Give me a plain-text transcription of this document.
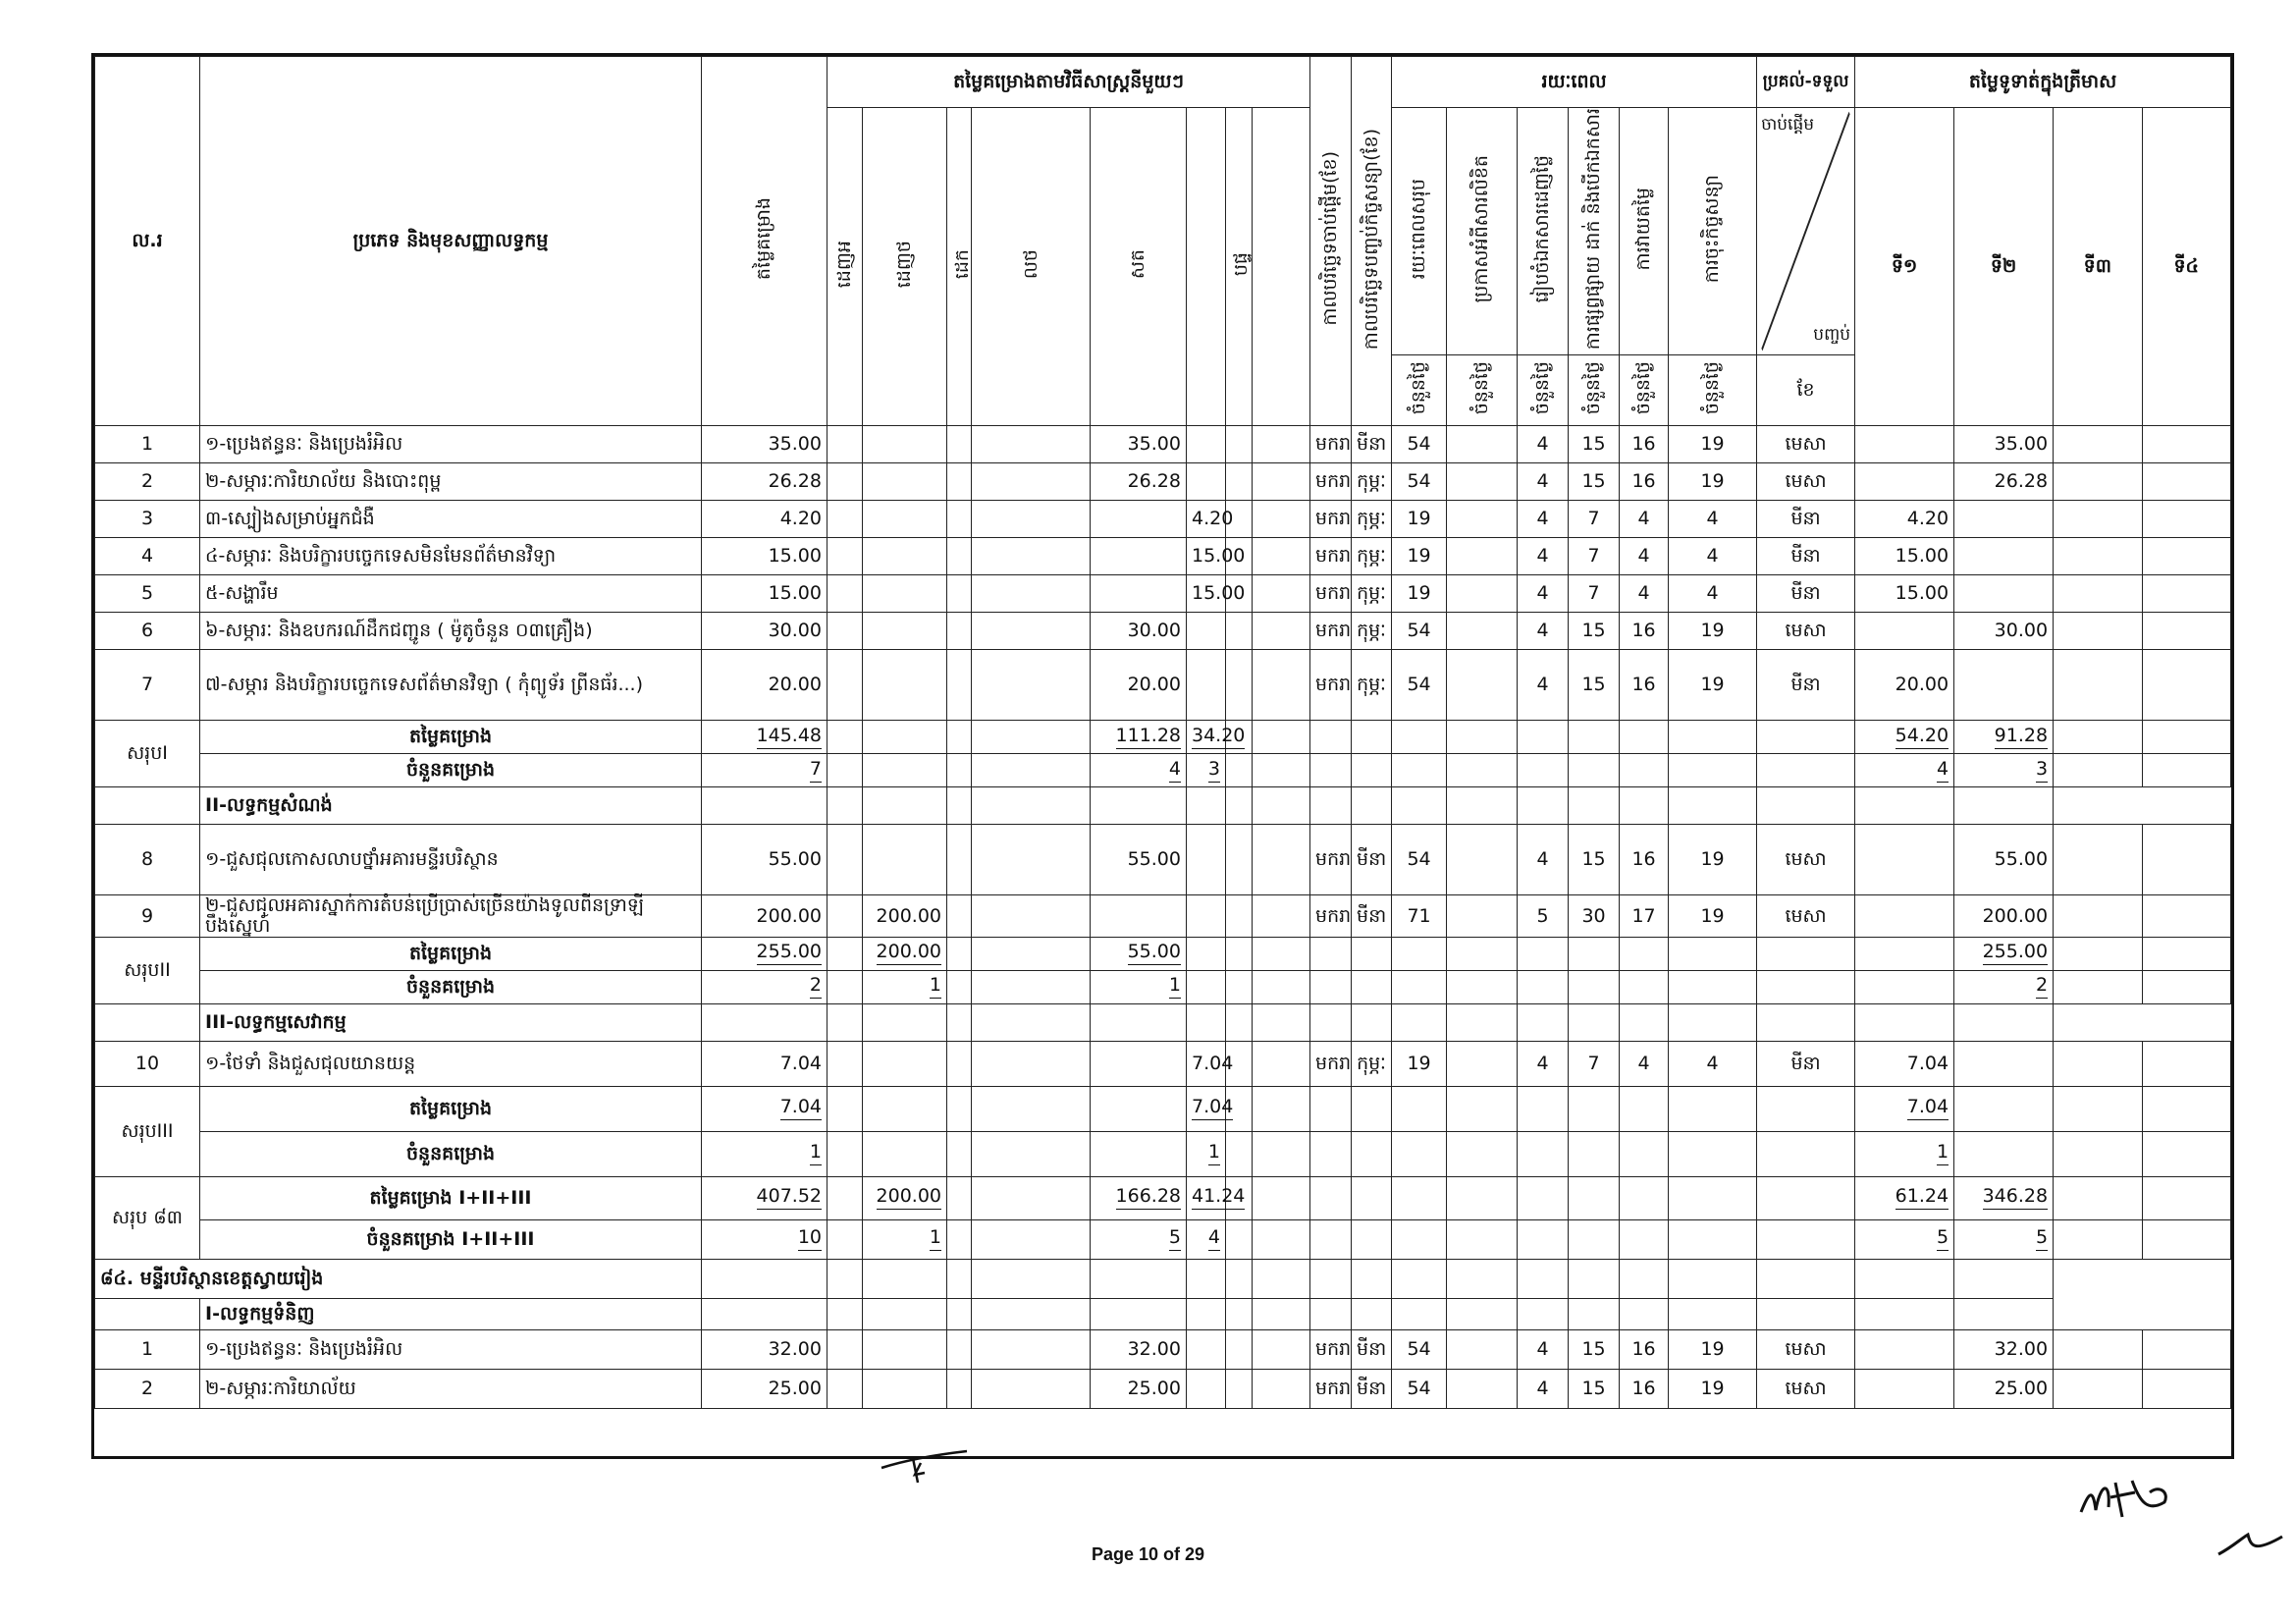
ល.រ	ប្រភេទ និងមុខសញ្ញាលទ្ធកម្ម	តម្លៃគម្រោង	តម្លៃគម្រោងតាមវិធីសាស្ត្រនីមួយៗ								កាលបរិច្ឆេទចាប់ផ្តើម(ខែ)	កាលបរិច្ឆេទបញ្ចប់កិច្ចសន្យា(ខែ)	រយៈពេល						ប្រគល់-ទទួល	តម្លៃទូទាត់ក្នុងត្រីមាស			
			ដេញអ	ដេញថ	ដេក	លថ	សត		បផ្ទ				រយៈពេលសរុប	ប្រកាសអំពីសារលិខិត	រៀបចំឯកសារដេញថ្លៃ	ការផ្សព្វផ្សាយ ដាក់ និងបើកឯកសារ	ការវាយតម្លៃ	ការចុះកិច្ចសន្យា	ចាប់ផ្តើម
បញ្ចប់	ទី១	ទី២	ទី៣	ទី៤
													ចំនួនថ្ងៃ	ចំនួនថ្ងៃ	ចំនួនថ្ងៃ	ចំនួនថ្ងៃ	ចំនួនថ្ងៃ	ចំនួនថ្ងៃ	ខែ				
1	១-ប្រេងឥន្ធនៈ និងប្រេងរំអិល	35.00					35.00				មករា	មីនា	54		4	15	16	19	មេសា		35.00		
2	២-សម្ភារៈការិយាល័យ និងបោះពុម្ព	26.28					26.28				មករា	កុម្ភៈ	54		4	15	16	19	មេសា		26.28		
3	៣-ស្បៀងសម្រាប់អ្នកជំងឺ	4.20						4.20			មករា	កុម្ភៈ	19		4	7	4	4	មីនា	4.20			
4	៤-សម្ភារៈ និងបរិក្ខារបច្ចេកទេសមិនមែនព័ត៌មានវិទ្យា	15.00						15.00			មករា	កុម្ភៈ	19		4	7	4	4	មីនា	15.00			
5	៥-សង្ហារឹម	15.00						15.00			មករា	កុម្ភៈ	19		4	7	4	4	មីនា	15.00			
6	៦-សម្ភារៈ និងឧបករណ៍ដឹកជញ្ជូន ( ម៉ូតូចំនួន ០៣គ្រឿង)	30.00					30.00				មករា	កុម្ភៈ	54		4	15	16	19	មេសា		30.00		
7	៧-សម្ភារ និងបរិក្ខារបច្ចេកទេសព័ត៌មានវិទ្យា ( កុំព្យូទ័រ ព្រីនធ័រ...)	20.00					20.00				មករា	កុម្ភៈ	54		4	15	16	19	មីនា	20.00			
សរុបI	តម្លៃគម្រោង	145.48					111.28	34.20												54.20	91.28		
	ចំនួនគម្រោង	7					4	3												4	3		
	II-លទ្ធកម្មសំណង់																						
8	១-ជួសជុលកោសលាបថ្នាំអគារមន្ទីរបរិស្ថាន	55.00					55.00				មករា	មីនា	54		4	15	16	19	មេសា		55.00		
9	២-ជួសជុលអគារស្នាក់ការតំបន់ប្រើប្រាស់ច្រើនយ៉ាងទូលពីនទ្រាឡី
បឹងស្នេហ៍	200.00		200.00							មករា	មីនា	71		5	30	17	19	មេសា		200.00		
សរុបII	តម្លៃគម្រោង	255.00		200.00			55.00														255.00		
	ចំនួនគម្រោង	2		1			1														2		
	III-លទ្ធកម្មសេវាកម្ម																						
10	១-ថែទាំ និងជួសជុលយានយន្ត	7.04						7.04			មករា	កុម្ភៈ	19		4	7	4	4	មីនា	7.04			
សរុបIII	តម្លៃគម្រោង	7.04						7.04												7.04			
	ចំនួនគម្រោង	1						1												1			
សរុប ៨៣	តម្លៃគម្រោង I+II+III	407.52		200.00			166.28	41.24												61.24	346.28		
	ចំនួនគម្រោង I+II+III	10		1			5	4												5	5		
៨៤. មន្ទីរបរិស្ថានខេត្តស្វាយរៀង																							
	I-លទ្ធកម្មទំនិញ																						
1	១-ប្រេងឥន្ធនៈ និងប្រេងរំអិល	32.00					32.00				មករា	មីនា	54		4	15	16	19	មេសា		32.00		
2	២-សម្ភារៈការិយាល័យ	25.00					25.00				មករា	មីនា	54		4	15	16	19	មេសា		25.00		
Page 10 of 29
